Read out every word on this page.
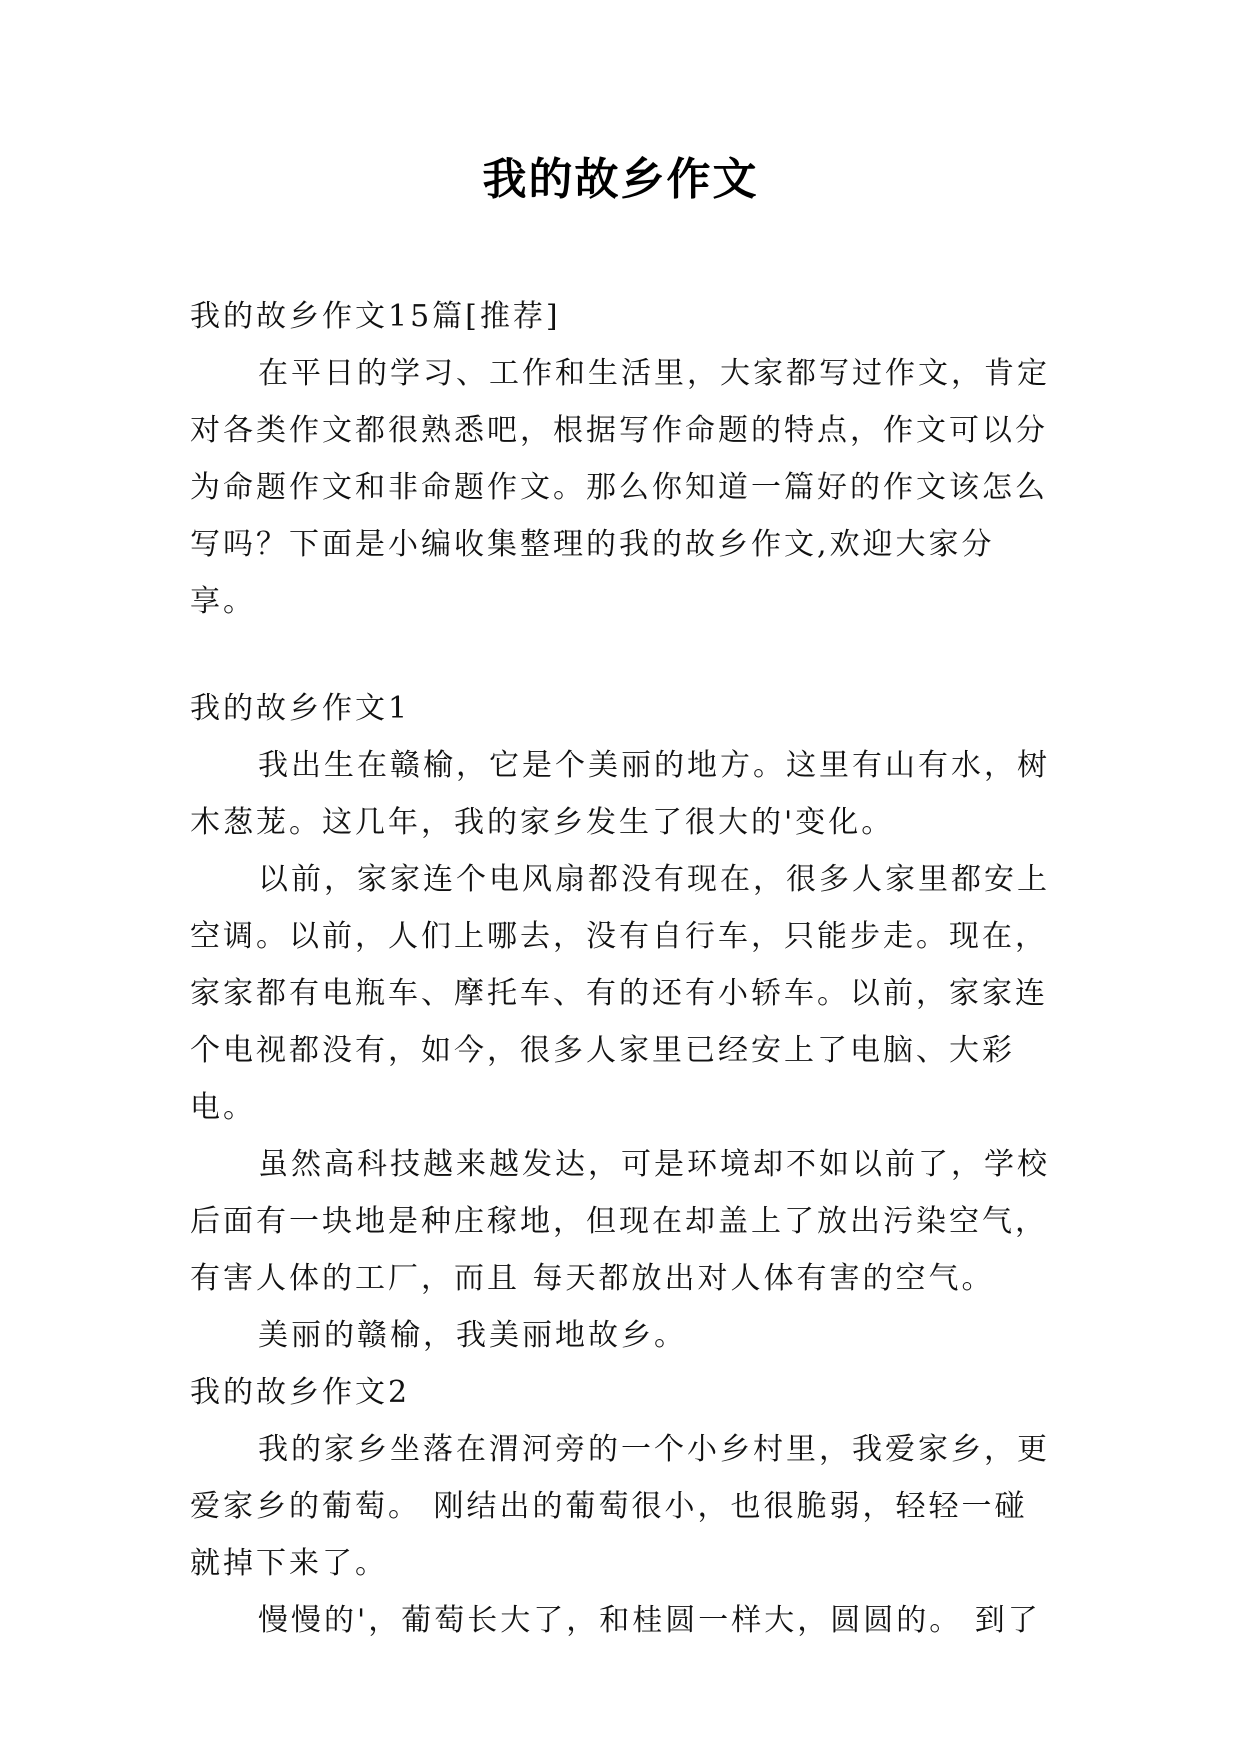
我的故乡作文

我的故乡作文15篇[推荐]

在平日的学习、工作和生活里，大家都写过作文，肯定对各类作文都很熟悉吧，根据写作命题的特点，作文可以分为命题作文和非命题作文。那么你知道一篇好的作文该怎么写吗？下面是小编收集整理的我的故乡作文,欢迎大家分享。

我的故乡作文1

我出生在赣榆，它是个美丽的地方。这里有山有水，树木葱茏。这几年，我的家乡发生了很大的'变化。

以前，家家连个电风扇都没有现在，很多人家里都安上空调。以前，人们上哪去，没有自行车，只能步走。现在，家家都有电瓶车、摩托车、有的还有小轿车。以前，家家连个电视都没有，如今，很多人家里已经安上了电脑、大彩电。

虽然高科技越来越发达，可是环境却不如以前了，学校后面有一块地是种庄稼地，但现在却盖上了放出污染空气，有害人体的工厂，而且 每天都放出对人体有害的空气。

美丽的赣榆，我美丽地故乡。

我的故乡作文2

我的家乡坐落在渭河旁的一个小乡村里，我爱家乡，更爱家乡的葡萄。 刚结出的葡萄很小，也很脆弱，轻轻一碰就掉下来了。

慢慢的'，葡萄长大了，和桂圆一样大，圆圆的。 到了
